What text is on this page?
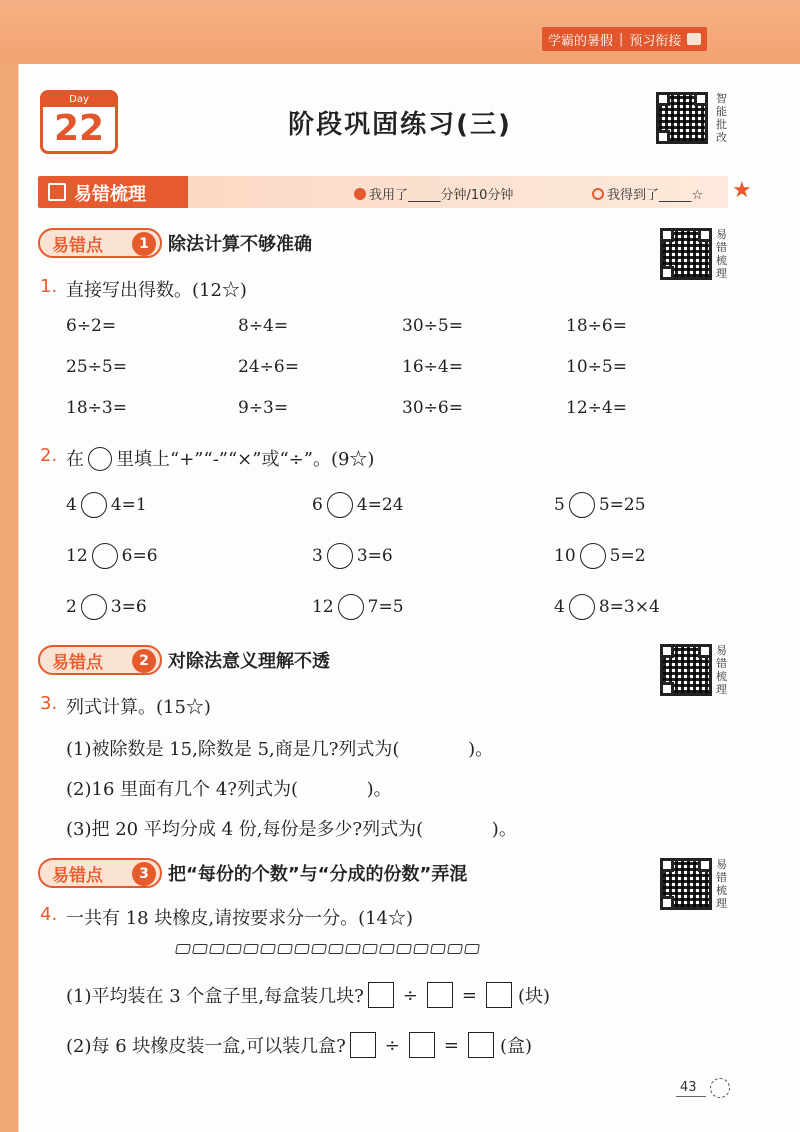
学霸的暑假 | 预习衔接
Day
22	阶段巩固练习(三)
智能批改
易错梳理	我用了_____分钟/10分钟	我得到了_____☆ ★
易错点	1	除法计算不够准确	易错梳理
1. 直接写出得数。(12☆)
6÷2=	8÷4=	30÷5=	18÷6=
25÷5=	24÷6=	16÷4=	10÷5=
18÷3=	9÷3=	30÷6=	12÷4=
2. 在 里填上“+”“-”“×”或“÷”。(9☆)
4 4=1	6 4=24	5 5=25
12 6=6	3 3=6	10 5=2
2 3=6	12 7=5	4 8=3×4
易错点	2	对除法意义理解不透
易错梳理
3. 列式计算。(15☆)
(1)被除数是 15,除数是 5,商是几?列式为(            )。
(2)16 里面有几个 4?列式为(            )。
(3)把 20 平均分成 4 份,每份是多少?列式为(            )。
易错点	3	把“每份的个数”与“分成的份数”弄混	易错梳理
4. 一共有 18 块橡皮,请按要求分一分。(14☆)
(1)平均装在 3 个盒子里,每盒装几块? ÷ = (块)
(2)每 6 块橡皮装一盒,可以装几盒? ÷ = (盒)
43
